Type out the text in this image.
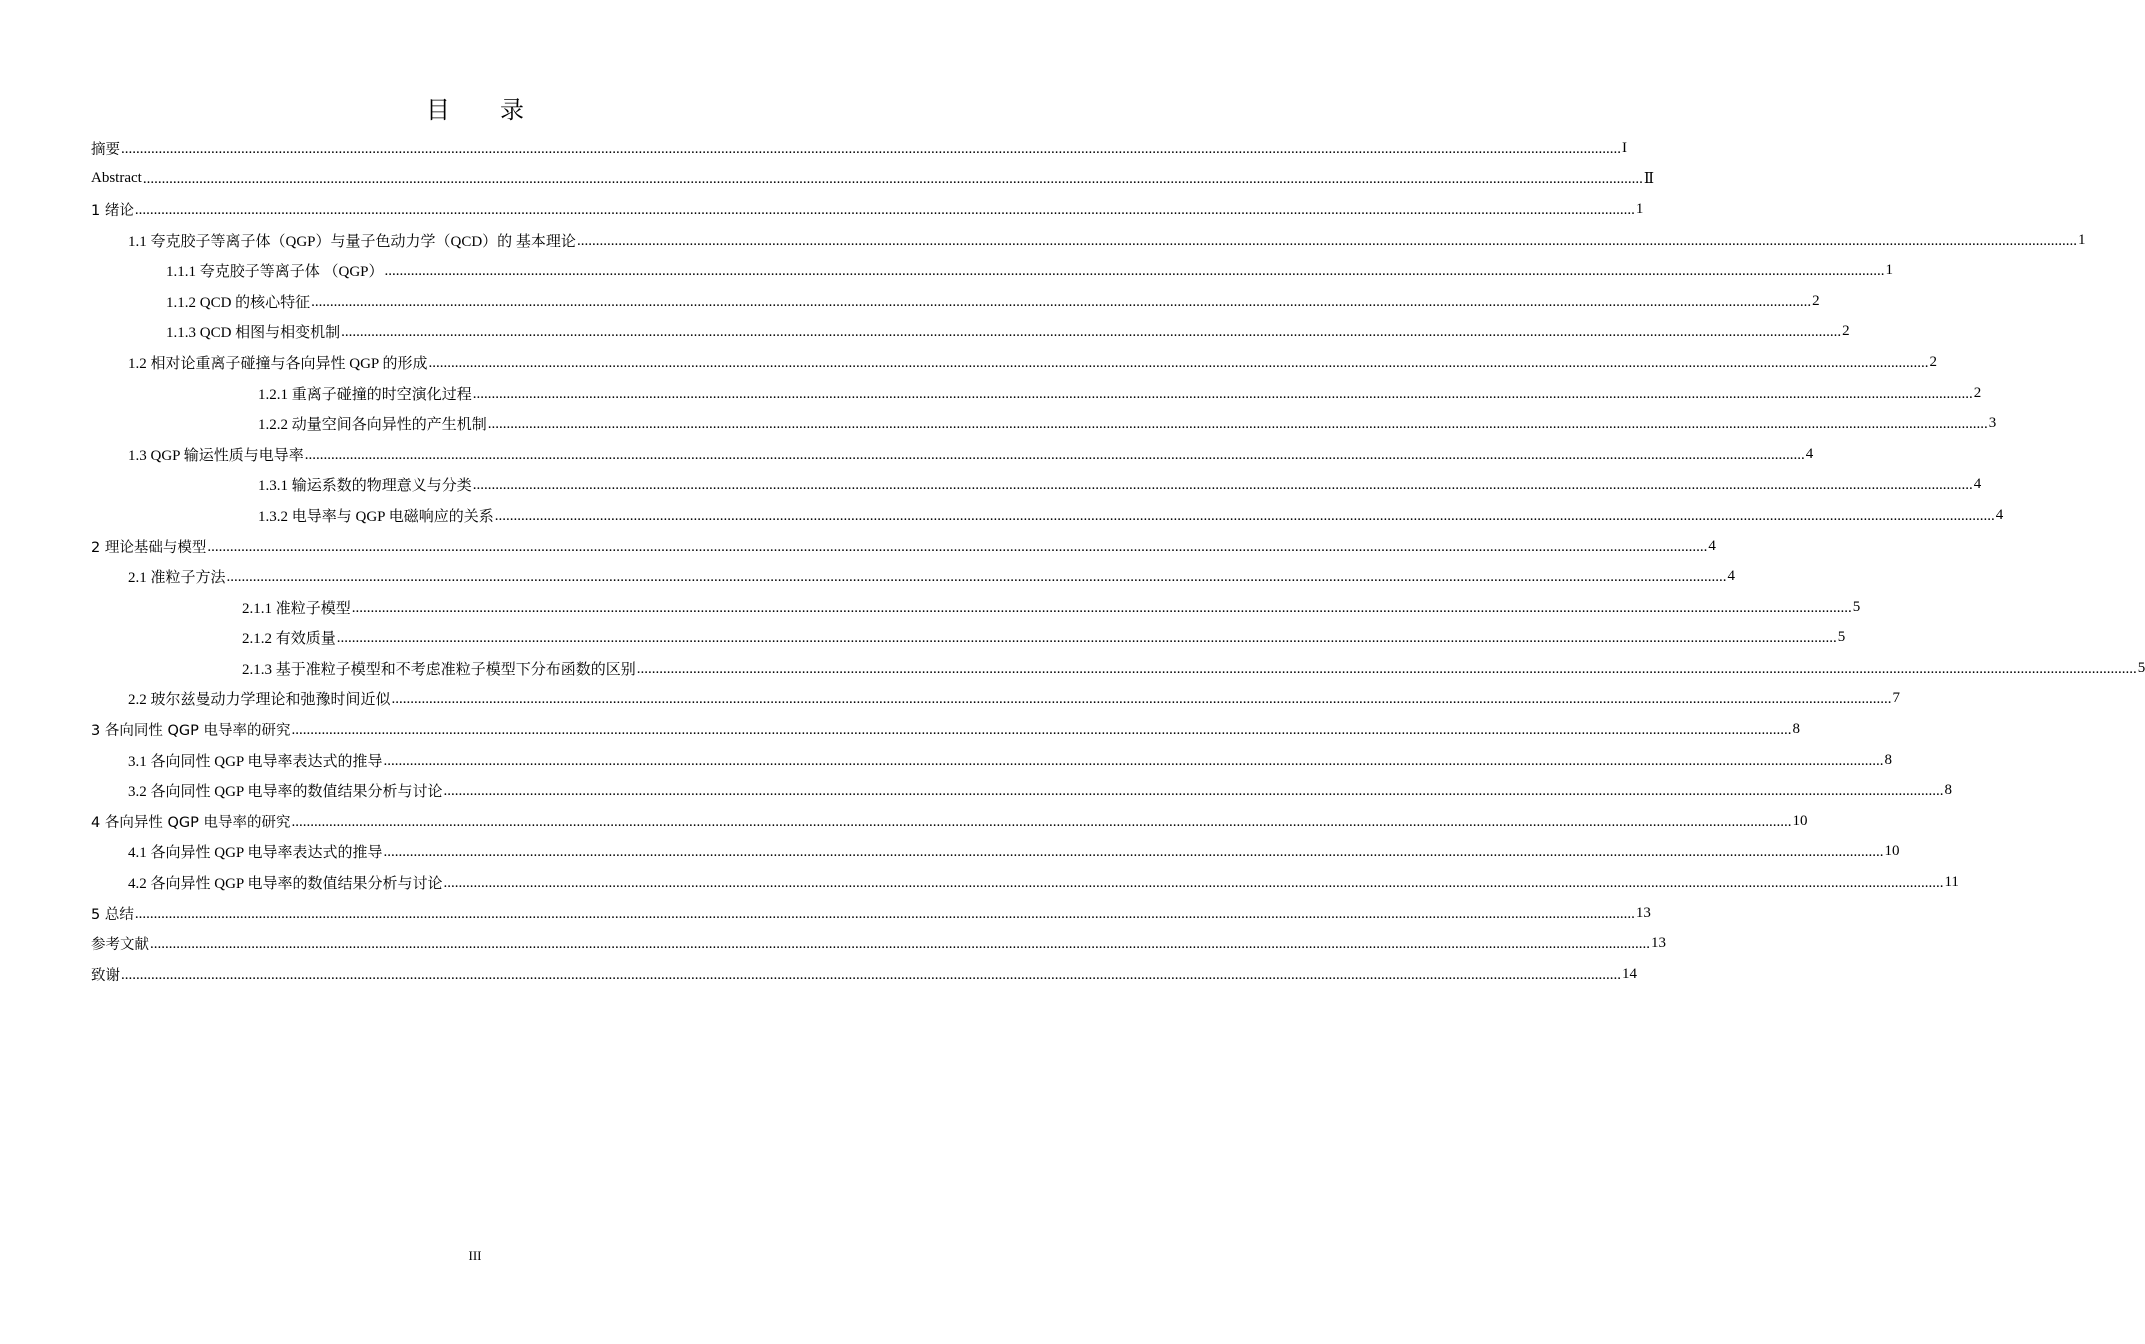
目 录
摘要 ................................................................................................................................................................................................................................................................................................................................................................................................................ I
Abstract ................................................................................................................................................................................................................................................................................................................................................................................................................ Ⅱ
1 绪论 ................................................................................................................................................................................................................................................................................................................................................................................................................ 1
1.1 夸克胶子等离子体（QGP）与量子色动力学（QCD）的 基本理论 ................................................................................................................................................................................................................................................................................................................................................................................................................ 1
1.1.1 夸克胶子等离子体 （QGP） ................................................................................................................................................................................................................................................................................................................................................................................................................ 1
1.1.2 QCD 的核心特征 ................................................................................................................................................................................................................................................................................................................................................................................................................ 2
1.1.3 QCD 相图与相变机制 ................................................................................................................................................................................................................................................................................................................................................................................................................ 2
1.2 相对论重离子碰撞与各向异性 QGP 的形成 ................................................................................................................................................................................................................................................................................................................................................................................................................ 2
1.2.1 重离子碰撞的时空演化过程 ................................................................................................................................................................................................................................................................................................................................................................................................................ 2
1.2.2 动量空间各向异性的产生机制 ................................................................................................................................................................................................................................................................................................................................................................................................................ 3
1.3 QGP 输运性质与电导率 ................................................................................................................................................................................................................................................................................................................................................................................................................ 4
1.3.1 输运系数的物理意义与分类 ................................................................................................................................................................................................................................................................................................................................................................................................................ 4
1.3.2 电导率与 QGP 电磁响应的关系 ................................................................................................................................................................................................................................................................................................................................................................................................................ 4
2 理论基础与模型 ................................................................................................................................................................................................................................................................................................................................................................................................................ 4
2.1 准粒子方法 ................................................................................................................................................................................................................................................................................................................................................................................................................ 4
2.1.1 准粒子模型 ................................................................................................................................................................................................................................................................................................................................................................................................................ 5
2.1.2 有效质量 ................................................................................................................................................................................................................................................................................................................................................................................................................ 5
2.1.3 基于准粒子模型和不考虑准粒子模型下分布函数的区别 ................................................................................................................................................................................................................................................................................................................................................................................................................ 5
2.2 玻尔兹曼动力学理论和弛豫时间近似 ................................................................................................................................................................................................................................................................................................................................................................................................................ 7
3 各向同性 QGP 电导率的研究 ................................................................................................................................................................................................................................................................................................................................................................................................................ 8
3.1 各向同性 QGP 电导率表达式的推导 ................................................................................................................................................................................................................................................................................................................................................................................................................ 8
3.2 各向同性 QGP 电导率的数值结果分析与讨论 ................................................................................................................................................................................................................................................................................................................................................................................................................ 8
4 各向异性 QGP 电导率的研究 ................................................................................................................................................................................................................................................................................................................................................................................................................ 10
4.1 各向异性 QGP 电导率表达式的推导 ................................................................................................................................................................................................................................................................................................................................................................................................................ 10
4.2 各向异性 QGP 电导率的数值结果分析与讨论 ................................................................................................................................................................................................................................................................................................................................................................................................................ 11
5 总结 ................................................................................................................................................................................................................................................................................................................................................................................................................ 13
参考文献 ................................................................................................................................................................................................................................................................................................................................................................................................................ 13
致谢 ................................................................................................................................................................................................................................................................................................................................................................................................................ 14
III
